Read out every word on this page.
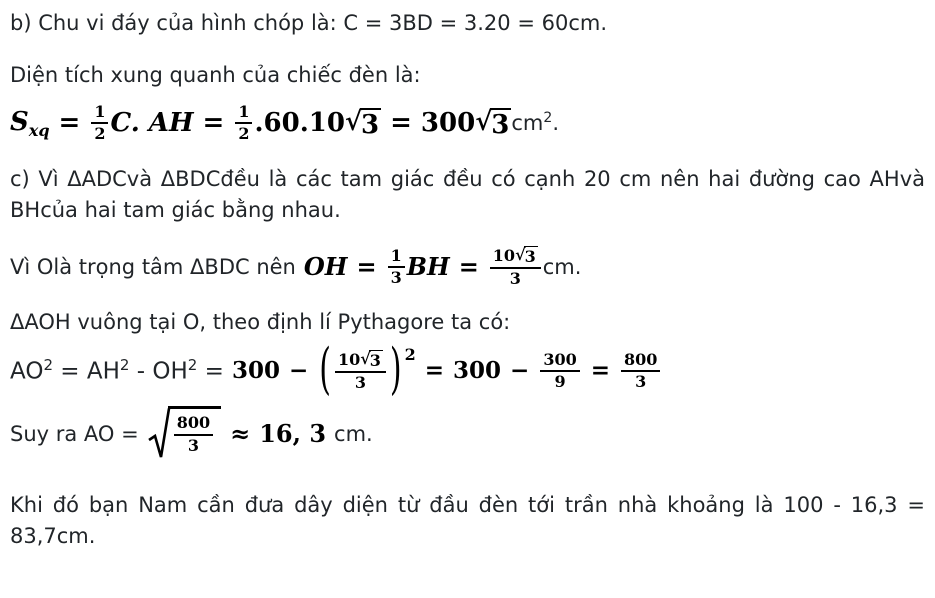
b) Chu vi đáy của hình chóp là: C = 3BD = 3.20 = 60cm.

Diện tích xung quanh của chiếc đèn là:

$S_{xq} = \frac{1}{2} C$. AH = $\frac{1}{2} .60.10$ √ 3 = 300 √ 3 $cm^2$.

c) Vì ΔADCvà ΔBDCđều là các tam giác đều có cạnh 20 cm nên hai đường cao AHvà
BHcủa hai tam giác bằng nhau.

Vì Olà trọng tâm ΔBDC nên OH = $\frac{1}{3}$ BH = $\frac{10 √ 3}{3}$ cm.

ΔAOH vuông tại O, theo định lí Pythagore ta có:

$AO^2 = AH^2 - OH^2 = 300$ − ( $\frac{10 √ 3}{3}$ ) 2
= $300 - \frac{300}{9} = \frac{800}{3}$
Suy ra AO = $\frac{800}{3} \approx 16$, 3 cm.

Khi đó bạn Nam cần đưa dây diện từ đầu đèn tới trần nhà khoảng là 100 - 16,3 =
83,7cm.
